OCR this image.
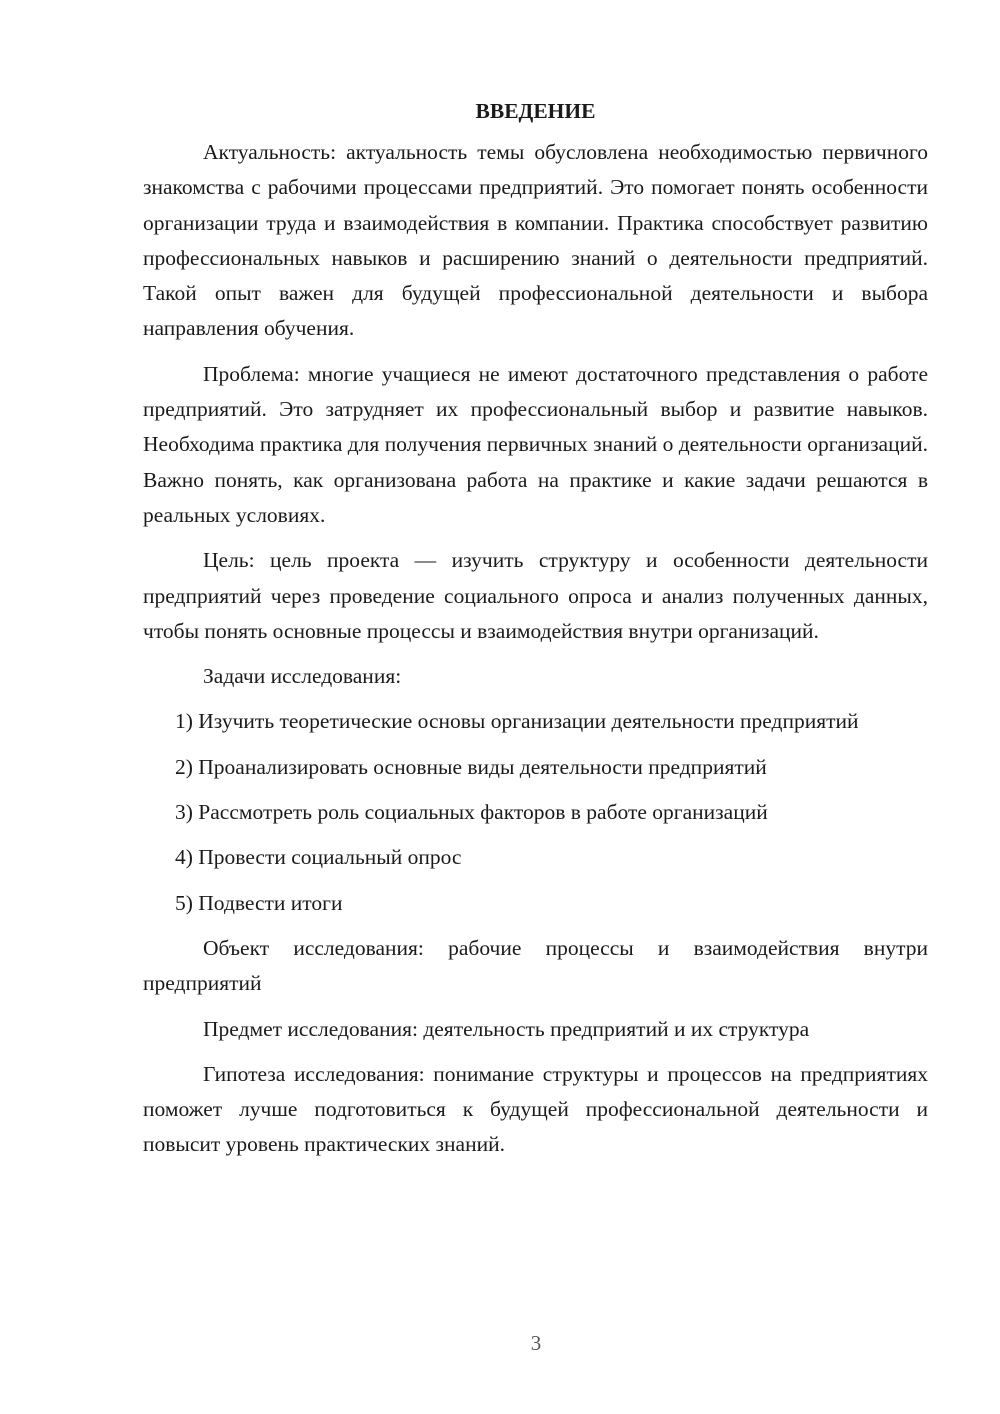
ВВЕДЕНИЕ

Актуальность: актуальность темы обусловлена необходимостью первичного знакомства с рабочими процессами предприятий. Это помогает понять особенности организации труда и взаимодействия в компании. Практика способствует развитию профессиональных навыков и расширению знаний о деятельности предприятий. Такой опыт важен для будущей профессиональной деятельности и выбора направления обучения.

Проблема: многие учащиеся не имеют достаточного представления о работе предприятий. Это затрудняет их профессиональный выбор и развитие навыков. Необходима практика для получения первичных знаний о деятельности организаций. Важно понять, как организована работа на практике и какие задачи решаются в реальных условиях.

Цель: цель проекта — изучить структуру и особенности деятельности предприятий через проведение социального опроса и анализ полученных данных, чтобы понять основные процессы и взаимодействия внутри организаций.

Задачи исследования:

1) Изучить теоретические основы организации деятельности предприятий

2) Проанализировать основные виды деятельности предприятий

3) Рассмотреть роль социальных факторов в работе организаций

4) Провести социальный опрос

5) Подвести итоги

Объект исследования: рабочие процессы и взаимодействия внутри предприятий

Предмет исследования: деятельность предприятий и их структура

Гипотеза исследования: понимание структуры и процессов на предприятиях поможет лучше подготовиться к будущей профессиональной деятельности и повысит уровень практических знаний.

3
